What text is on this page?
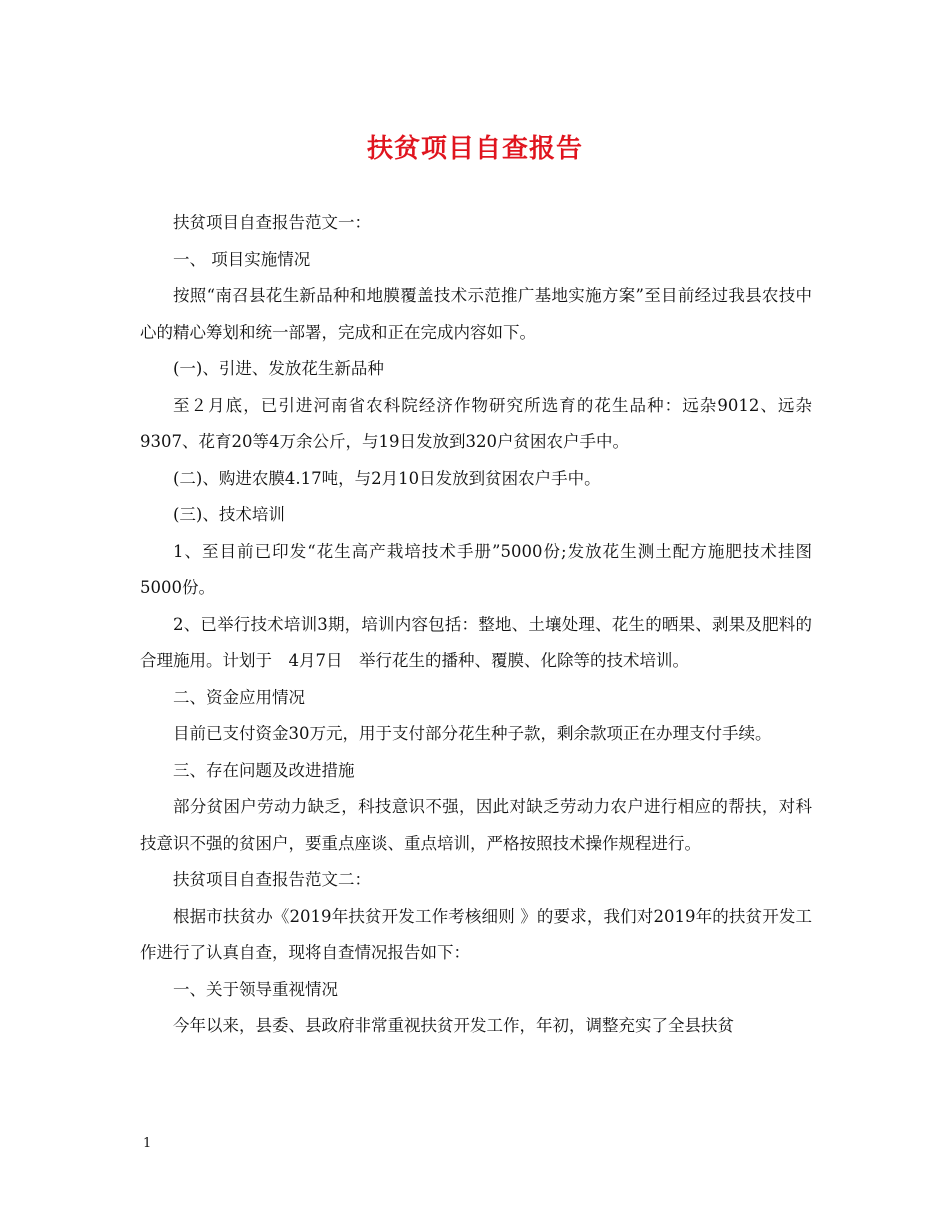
扶贫项目自查报告

扶贫项目自查报告范文一：

一、 项目实施情况

按照“南召县花生新品种和地膜覆盖技术示范推广基地实施方案”至目前经过我县农技中心的精心筹划和统一部署，完成和正在完成内容如下。

(一)、引进、发放花生新品种

至２月底，已引进河南省农科院经济作物研究所选育的花生品种：远杂9012、远杂9307、花育20等4万余公斤，与19日发放到320户贫困农户手中。

(二)、购进农膜4.17吨，与2月10日发放到贫困农户手中。

(三)、技术培训

1、至目前已印发“花生高产栽培技术手册”5000份;发放花生测土配方施肥技术挂图5000份。

2、已举行技术培训3期，培训内容包括：整地、土壤处理、花生的晒果、剥果及肥料的合理施用。计划于　4月7日　举行花生的播种、覆膜、化除等的技术培训。

二、资金应用情况

目前已支付资金30万元，用于支付部分花生种子款，剩余款项正在办理支付手续。

三、存在问题及改进措施

部分贫困户劳动力缺乏，科技意识不强，因此对缺乏劳动力农户进行相应的帮扶，对科技意识不强的贫困户，要重点座谈、重点培训，严格按照技术操作规程进行。

扶贫项目自查报告范文二：

根据市扶贫办《2019年扶贫开发工作考核细则 》的要求，我们对2019年的扶贫开发工作进行了认真自查，现将自查情况报告如下：

一、关于领导重视情况

今年以来，县委、县政府非常重视扶贫开发工作，年初，调整充实了全县扶贫

1
